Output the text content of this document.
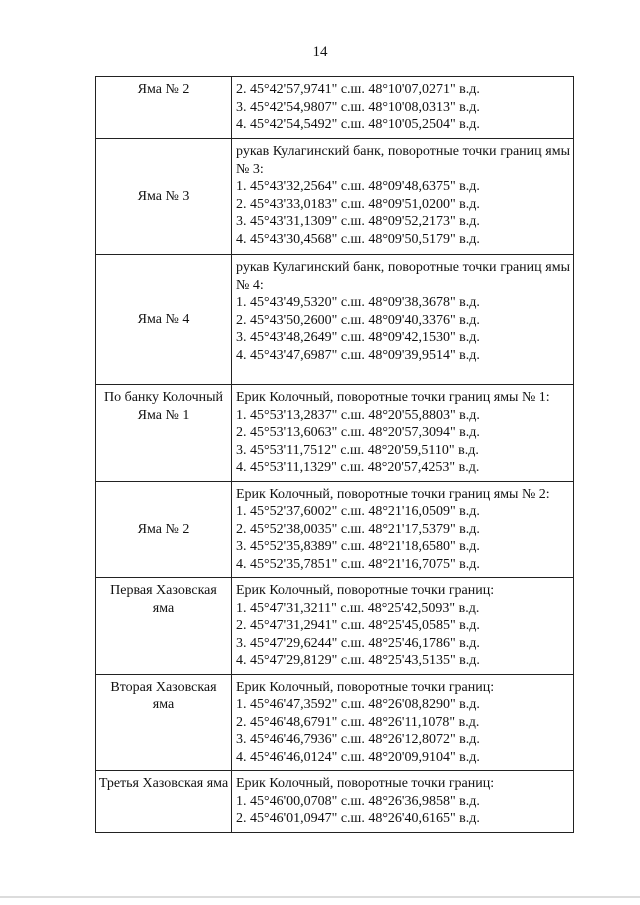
14
Яма № 2	2. 45°42'57,9741" с.ш. 48°10'07,0271" в.д.
3. 45°42'54,9807" с.ш. 48°10'08,0313" в.д.
4. 45°42'54,5492" с.ш. 48°10'05,2504" в.д.

Яма № 3	рукав Кулагинский банк, поворотные точки границ ямы № 3:
1. 45°43'32,2564" с.ш. 48°09'48,6375" в.д.
2. 45°43'33,0183" с.ш. 48°09'51,0200" в.д.
3. 45°43'31,1309" с.ш. 48°09'52,2173" в.д.
4. 45°43'30,4568" с.ш. 48°09'50,5179" в.д.

Яма № 4	рукав Кулагинский банк, поворотные точки границ ямы № 4:
1. 45°43'49,5320" с.ш. 48°09'38,3678" в.д.
2. 45°43'50,2600" с.ш. 48°09'40,3376" в.д.
3. 45°43'48,2649" с.ш. 48°09'42,1530" в.д.
4. 45°43'47,6987" с.ш. 48°09'39,9514" в.д.

По банку Колочный Яма № 1	Ерик Колочный, поворотные точки границ ямы № 1:
1. 45°53'13,2837" с.ш. 48°20'55,8803" в.д.
2. 45°53'13,6063" с.ш. 48°20'57,3094" в.д.
3. 45°53'11,7512" с.ш. 48°20'59,5110" в.д.
4. 45°53'11,1329" с.ш. 48°20'57,4253" в.д.

Яма № 2	Ерик Колочный, поворотные точки границ ямы № 2:
1. 45°52'37,6002" с.ш. 48°21'16,0509" в.д.
2. 45°52'38,0035" с.ш. 48°21'17,5379" в.д.
3. 45°52'35,8389" с.ш. 48°21'18,6580" в.д.
4. 45°52'35,7851" с.ш. 48°21'16,7075" в.д.

Первая Хазовская яма	Ерик Колочный, поворотные точки границ:
1. 45°47'31,3211" с.ш. 48°25'42,5093" в.д.
2. 45°47'31,2941" с.ш. 48°25'45,0585" в.д.
3. 45°47'29,6244" с.ш. 48°25'46,1786" в.д.
4. 45°47'29,8129" с.ш. 48°25'43,5135" в.д.

Вторая Хазовская яма	Ерик Колочный, поворотные точки границ:
1. 45°46'47,3592" с.ш. 48°26'08,8290" в.д.
2. 45°46'48,6791" с.ш. 48°26'11,1078" в.д.
3. 45°46'46,7936" с.ш. 48°26'12,8072" в.д.
4. 45°46'46,0124" с.ш. 48°20'09,9104" в.д.

Третья Хазовская яма	Ерик Колочный, поворотные точки границ:
1. 45°46'00,0708" с.ш. 48°26'36,9858" в.д.
2. 45°46'01,0947" с.ш. 48°26'40,6165" в.д.
